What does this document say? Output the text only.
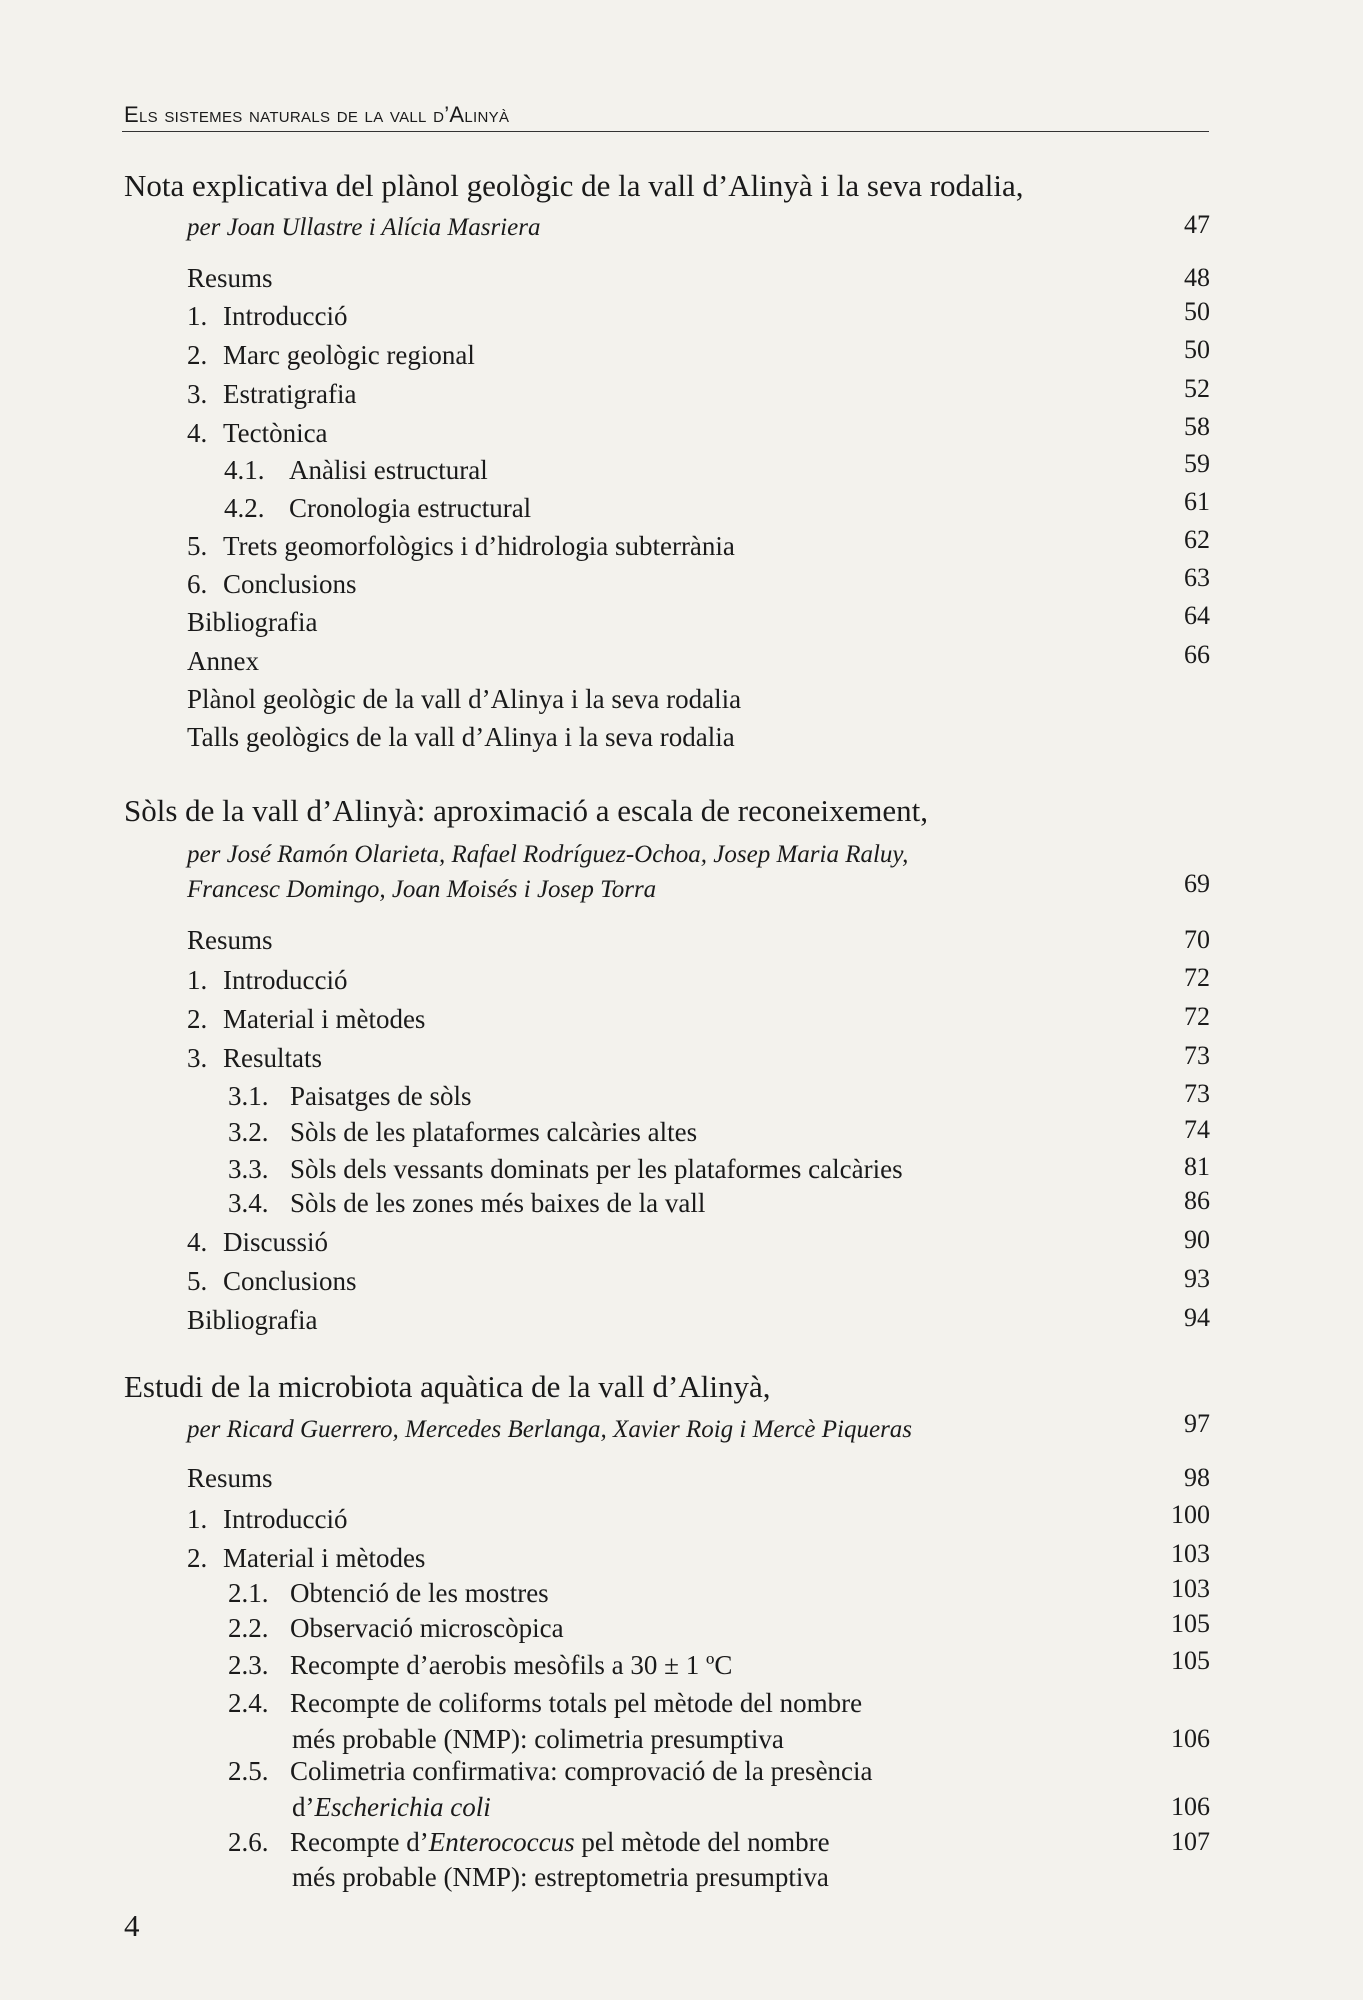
Els sistemes naturals de la vall d’Alinyà

Nota explicativa del plànol geològic de la vall d’Alinyà i la seva rodalia,
per Joan Ullastre i Alícia Masriera	47
Resums	48
1. Introducció	50
2. Marc geològic regional	50
3. Estratigrafia	52
4. Tectònica	58
4.1. Anàlisi estructural	59
4.2. Cronologia estructural	61
5. Trets geomorfològics i d’hidrologia subterrània	62
6. Conclusions	63
Bibliografia	64
Annex	66
Plànol geològic de la vall d’Alinya i la seva rodalia
Talls geològics de la vall d’Alinya i la seva rodalia
Sòls de la vall d’Alinyà: aproximació a escala de reconeixement,
per José Ramón Olarieta, Rafael Rodríguez-Ochoa, Josep Maria Raluy,
Francesc Domingo, Joan Moisés i Josep Torra	69
Resums	70
1. Introducció	72
2. Material i mètodes	72
3. Resultats	73
3.1. Paisatges de sòls	73
3.2. Sòls de les plataformes calcàries altes	74
3.3. Sòls dels vessants dominats per les plataformes calcàries	81
3.4. Sòls de les zones més baixes de la vall	86
4. Discussió	90
5. Conclusions	93
Bibliografia	94
Estudi de la microbiota aquàtica de la vall d’Alinyà,
per Ricard Guerrero, Mercedes Berlanga, Xavier Roig i Mercè Piqueras	97
Resums	98
1. Introducció	100
2. Material i mètodes	103
2.1. Obtenció de les mostres	103
2.2. Observació microscòpica	105
2.3. Recompte d’aerobis mesòfils a 30 ± 1 ºC	105
2.4. Recompte de coliforms totals pel mètode del nombre
més probable (NMP): colimetria presumptiva	106
2.5. Colimetria confirmativa: comprovació de la presència
d’Escherichia coli	106
2.6. Recompte d’Enterococcus pel mètode del nombre	107
més probable (NMP): estreptometria presumptiva
4
